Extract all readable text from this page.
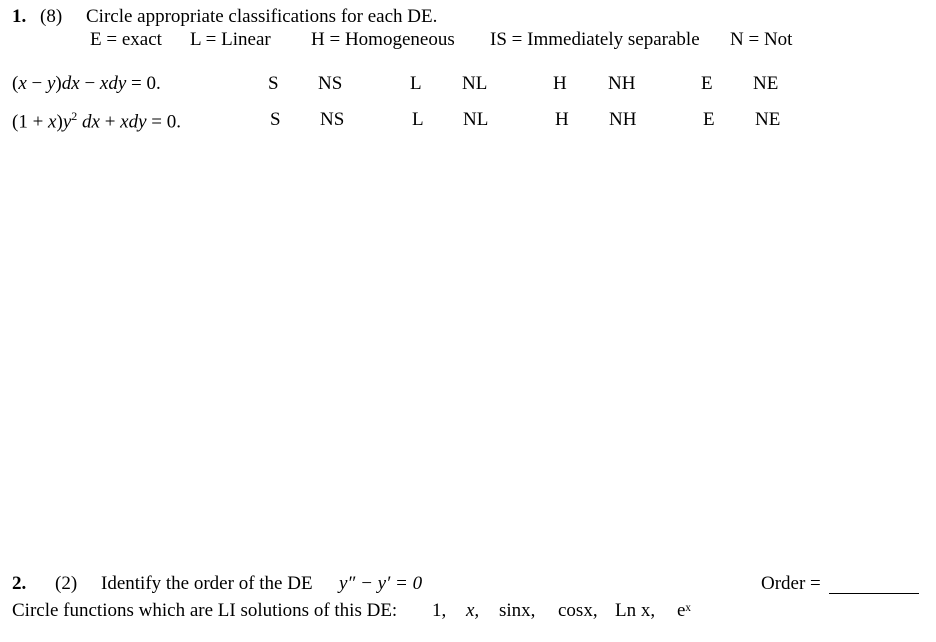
1. (8) Circle appropriate classifications for each DE.
E = exact L = Linear H = Homogeneous IS = Immediately separable N = Not
(x − y)dx − xdy = 0.	S NS	L NL	H NH	E NE
$(1 + x)y^2$ dx + xdy = 0.	S NS	L NL	H NH	E NE
2. (2) Identify the order of the DE y″ − y′ = 0	Order =
Circle functions which are LI solutions of this DE: 1, x, sinx, cosx, Ln x, eˣ
